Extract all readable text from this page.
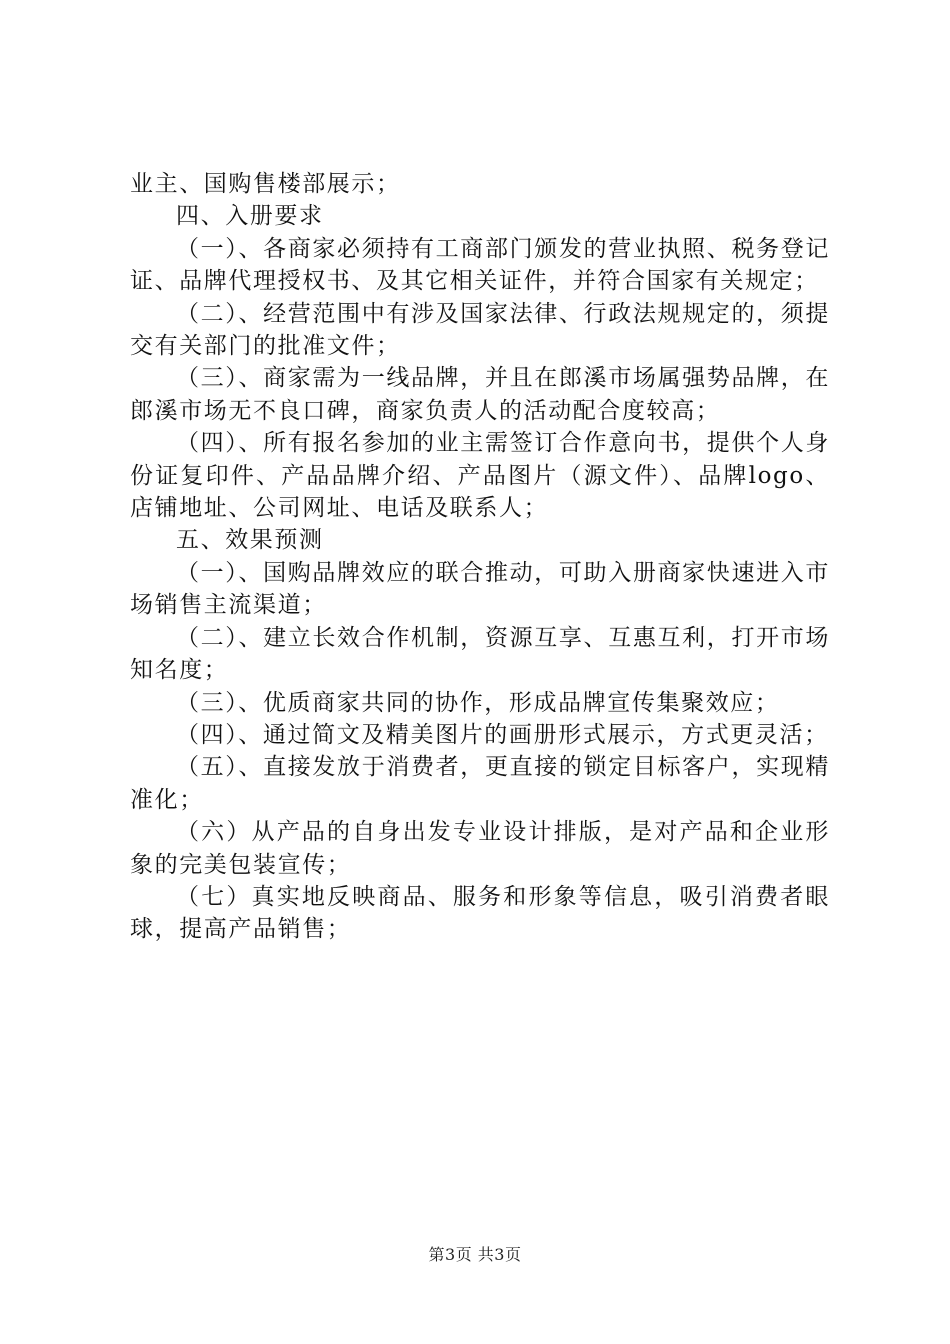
业主、国购售楼部展示；

四、入册要求

（一）、各商家必须持有工商部门颁发的营业执照、税务登记证、品牌代理授权书、及其它相关证件，并符合国家有关规定；

（二）、经营范围中有涉及国家法律、行政法规规定的，须提交有关部门的批准文件；

（三）、商家需为一线品牌，并且在郎溪市场属强势品牌，在郎溪市场无不良口碑，商家负责人的活动配合度较高；

（四）、所有报名参加的业主需签订合作意向书，提供个人身份证复印件、产品品牌介绍、产品图片（源文件）、品牌logo、店铺地址、公司网址、电话及联系人；

五、效果预测

（一）、国购品牌效应的联合推动，可助入册商家快速进入市场销售主流渠道；

（二）、建立长效合作机制，资源互享、互惠互利，打开市场知名度；

（三）、优质商家共同的协作，形成品牌宣传集聚效应；

（四）、通过简文及精美图片的画册形式展示，方式更灵活；

（五）、直接发放于消费者，更直接的锁定目标客户，实现精准化；

（六）从产品的自身出发专业设计排版，是对产品和企业形象的完美包装宣传；

（七）真实地反映商品、服务和形象等信息，吸引消费者眼球，提高产品销售；

第3页 共3页
